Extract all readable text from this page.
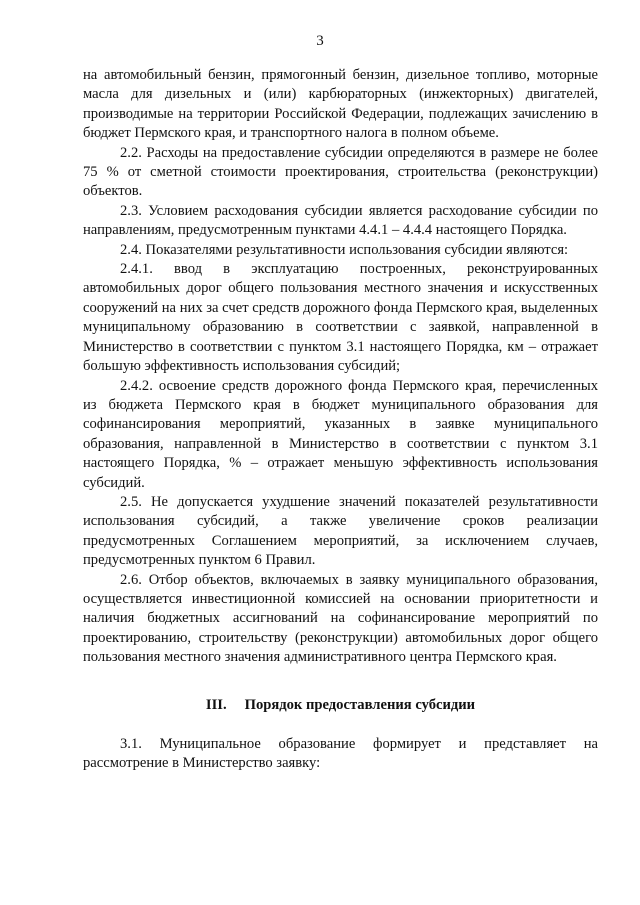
3

на автомобильный бензин, прямогонный бензин, дизельное топливо, моторные масла для дизельных и (или) карбюраторных (инжекторных) двигателей, производимые на территории Российской Федерации, подлежащих зачислению в бюджет Пермского края, и транспортного налога в полном объеме.

2.2. Расходы на предоставление субсидии определяются в размере не более 75 % от сметной стоимости проектирования, строительства (реконструкции) объектов.

2.3. Условием расходования субсидии является расходование субсидии по направлениям, предусмотренным пунктами 4.4.1 – 4.4.4 настоящего Порядка.

2.4. Показателями результативности использования субсидии являются:

2.4.1. ввод в эксплуатацию построенных, реконструированных автомобильных дорог общего пользования местного значения и искусственных сооружений на них за счет средств дорожного фонда Пермского края, выделенных муниципальному образованию в соответствии с заявкой, направленной в Министерство в соответствии с пунктом 3.1 настоящего Порядка, км – отражает большую эффективность использования субсидий;

2.4.2. освоение средств дорожного фонда Пермского края, перечисленных из бюджета Пермского края в бюджет муниципального образования для софинансирования мероприятий, указанных в заявке муниципального образования, направленной в Министерство в соответствии с пунктом 3.1 настоящего Порядка, % – отражает меньшую эффективность использования субсидий.

2.5. Не допускается ухудшение значений показателей результативности использования субсидий, а также увеличение сроков реализации предусмотренных Соглашением мероприятий, за исключением случаев, предусмотренных пунктом 6 Правил.

2.6. Отбор объектов, включаемых в заявку муниципального образования, осуществляется инвестиционной комиссией на основании приоритетности и наличия бюджетных ассигнований на софинансирование мероприятий по проектированию, строительству (реконструкции) автомобильных дорог общего пользования местного значения административного центра Пермского края.

III. Порядок предоставления субсидии

3.1. Муниципальное образование формирует и представляет на рассмотрение в Министерство заявку:
